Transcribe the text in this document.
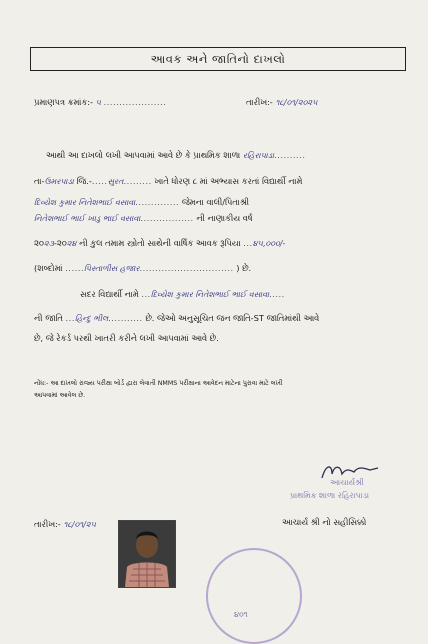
આવક અને જાતિનો દાખલો
પ્રમાણપત્ર ક્રમાંક:- ૫ ....................	તારીખ:- ૧૮/૦૧/૨૦૨૫
આથી આ દાખલો લખી આપવામાં આવે છે કે પ્રાથમિક શાળા રહિરાપાડા..........
તા-ઉમરપાડા જિ.-.....સુરત......... ખાતે ધોરણ ૮ માં અભ્યાસ કરતાં વિદ્યાર્થી નામે
દિવ્યેશ કુમાર નિતેશભાઈ વસાવા.............. જેમના વાલી/પિતાશ્રી
નિતેશભાઈ ભાઈ ખાડુ ભાઈ વસાવા................. ની નાણાકીય વર્ષ
૨૦૨૩-૨૦૨૪ ની કુલ તમામ સ્ત્રોતો સાથેની વાર્ષિક આવક રૂપિયા ...૪૫,૦૦૦/-
(શબ્દોમાં ......પિસ્તાળીસ હજાર.............................. ) છે.
સદર વિદ્યાર્થી નામે ...દિવ્યેશ કુમાર નિતેશભાઈ ભાઈ વસાવા.....
ની જાતિ ...હિન્દુ ભીલ........... છે. જેઓ અનુસૂચિત જન જાતિ-ST જાતિમાંથી આવે
છે, જે રેકર્ડ પરથી ખાતરી કરીને લખી આપવામાં આવે છે.
નોંધ:- આ દાખલો રાજ્ય પરીક્ષા બોર્ડ દ્વારા લેવાતી NMMS પરીક્ષાના આવેદન માટેના પુરાવા માટે લખી
આપવામાં આવેલ છે.
આચાર્યશ્રી
પ્રાથમિક શાળા રહિરાપાડા
આચાર્ય શ્રી નો સહીસિક્કો
તારીખ:- ૧૮/૦૧/૨૫
૪૦૧
